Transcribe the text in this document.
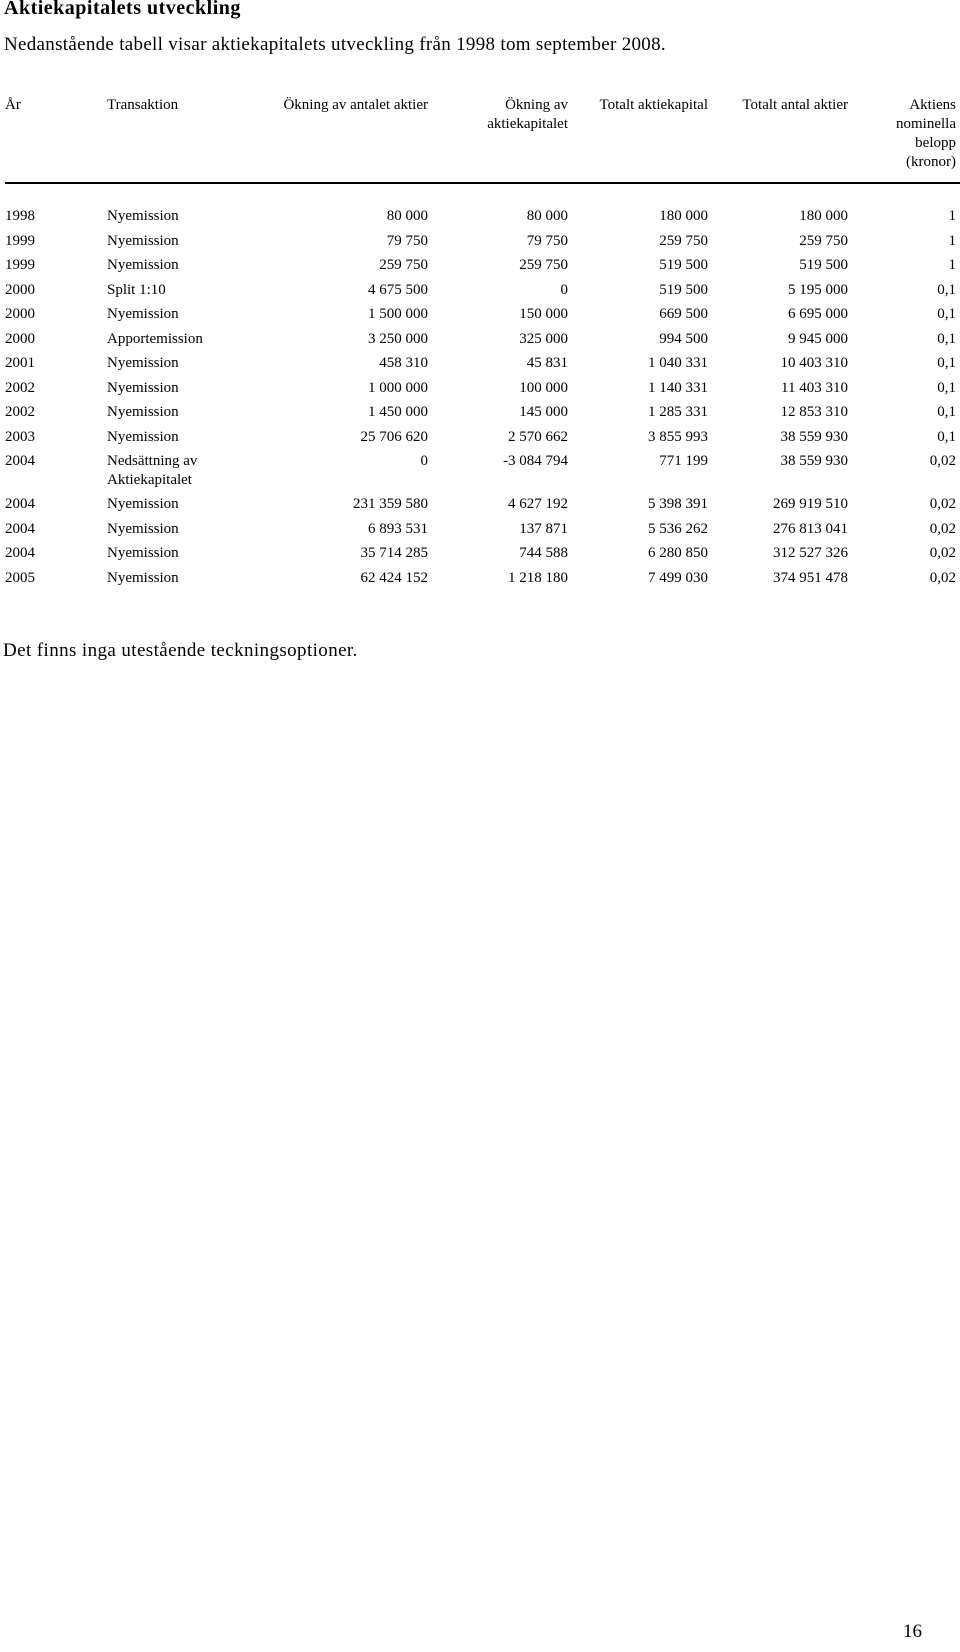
Aktiekapitalets utveckling
Nedanstående tabell visar aktiekapitalets utveckling från 1998 tom september 2008.
År	Transaktion	Ökning av antalet aktier	Ökning av aktiekapitalet	Totalt aktiekapital	Totalt antal aktier	Aktiens nominella belopp (kronor)
1998	Nyemission	80 000	80 000	180 000	180 000	1
1999	Nyemission	79 750	79 750	259 750	259 750	1
1999	Nyemission	259 750	259 750	519 500	519 500	1
2000	Split 1:10	4 675 500	0	519 500	5 195 000	0,1
2000	Nyemission	1 500 000	150 000	669 500	6 695 000	0,1
2000	Apportemission	3 250 000	325 000	994 500	9 945 000	0,1
2001	Nyemission	458 310	45 831	1 040 331	10 403 310	0,1
2002	Nyemission	1 000 000	100 000	1 140 331	11 403 310	0,1
2002	Nyemission	1 450 000	145 000	1 285 331	12 853 310	0,1
2003	Nyemission	25 706 620	2 570 662	3 855 993	38 559 930	0,1
2004	Nedsättning av Aktiekapitalet	0	-3 084 794	771 199	38 559 930	0,02
2004	Nyemission	231 359 580	4 627 192	5 398 391	269 919 510	0,02
2004	Nyemission	6 893 531	137 871	5 536 262	276 813 041	0,02
2004	Nyemission	35 714 285	744 588	6 280 850	312 527 326	0,02
2005	Nyemission	62 424 152	1 218 180	7 499 030	374 951 478	0,02
Det finns inga utestående teckningsoptioner.
16
